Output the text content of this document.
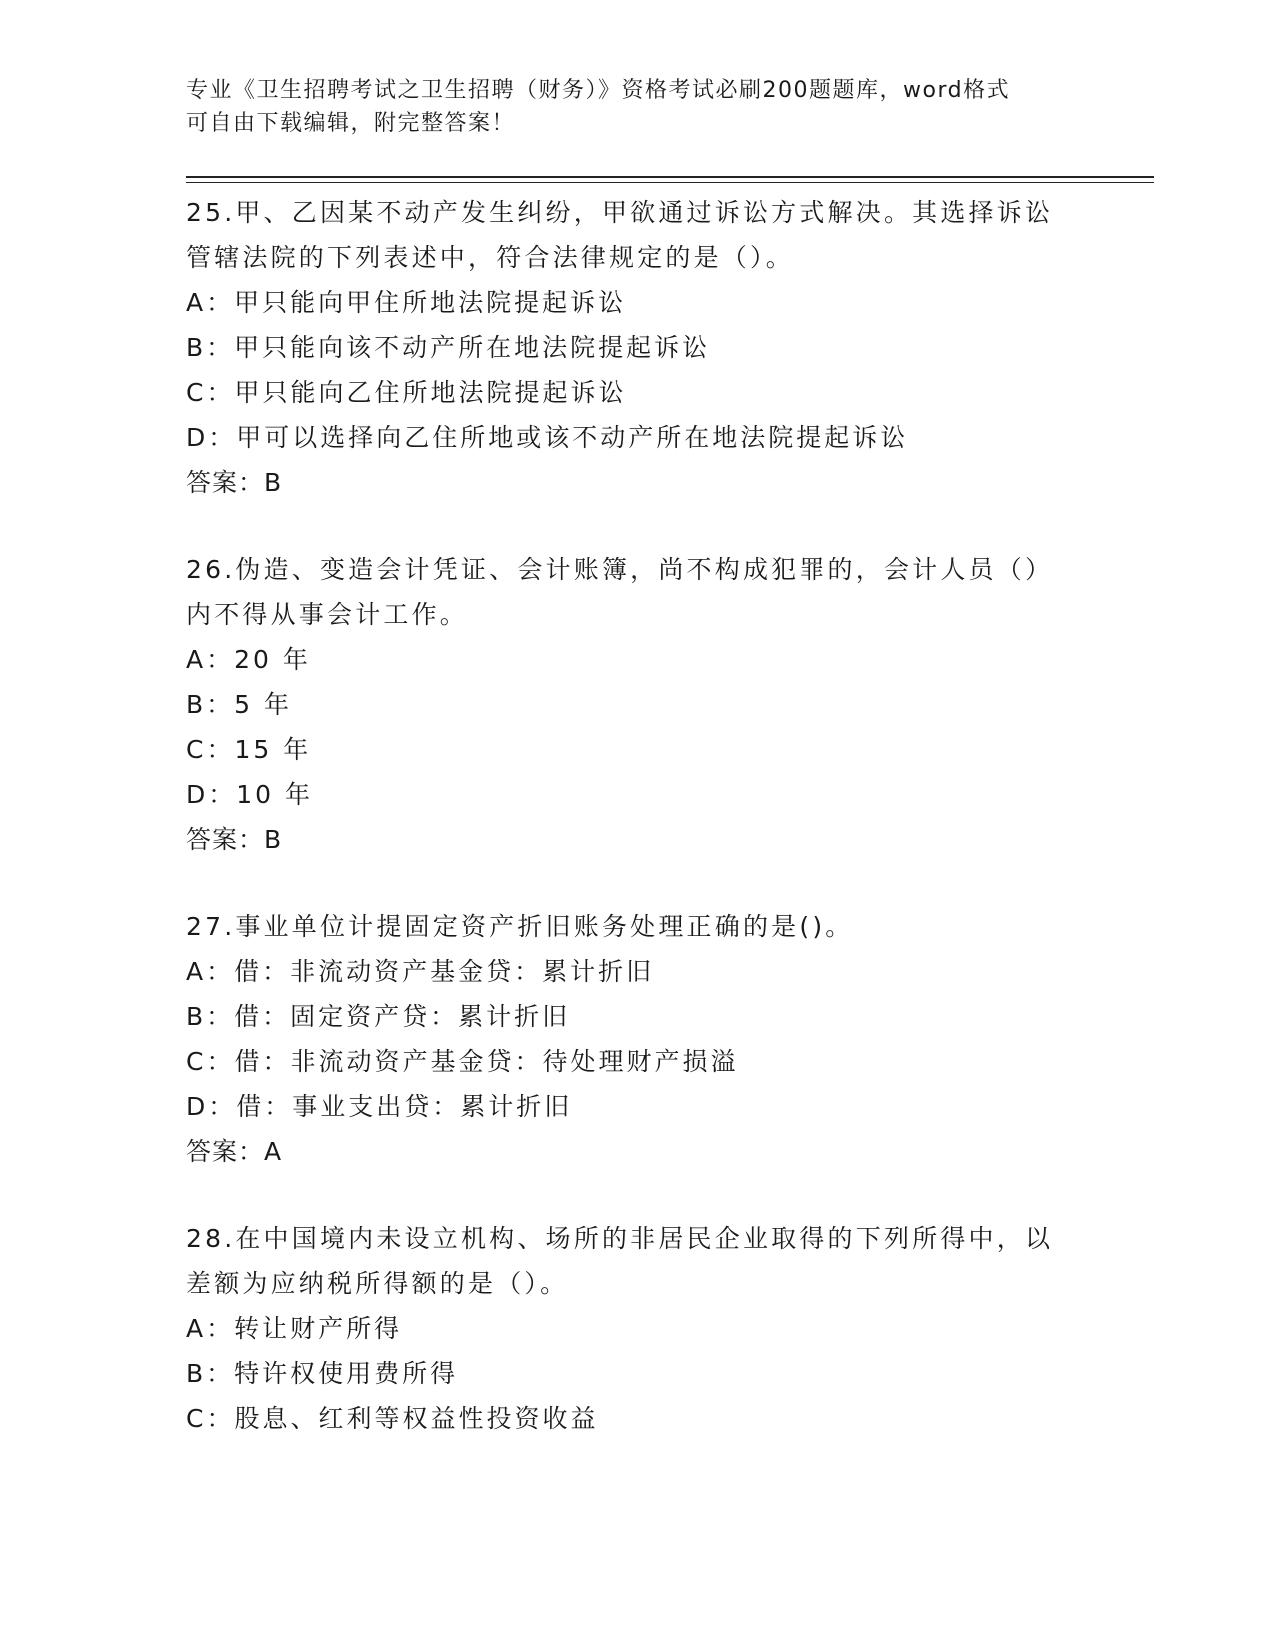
专业《卫生招聘考试之卫生招聘（财务）》资格考试必刷200题题库，word格式
可自由下载编辑，附完整答案！
25.甲、乙因某不动产发生纠纷，甲欲通过诉讼方式解决。其选择诉讼
管辖法院的下列表述中，符合法律规定的是（）。
A：甲只能向甲住所地法院提起诉讼
B：甲只能向该不动产所在地法院提起诉讼
C：甲只能向乙住所地法院提起诉讼
D：甲可以选择向乙住所地或该不动产所在地法院提起诉讼
答案：B
26.伪造、变造会计凭证、会计账簿，尚不构成犯罪的，会计人员（）
内不得从事会计工作。
A：20 年
B：5 年
C：15 年
D：10 年
答案：B
27.事业单位计提固定资产折旧账务处理正确的是()。
A：借：非流动资产基金贷：累计折旧
B：借：固定资产贷：累计折旧
C：借：非流动资产基金贷：待处理财产损溢
D：借：事业支出贷：累计折旧
答案：A
28.在中国境内未设立机构、场所的非居民企业取得的下列所得中，以
差额为应纳税所得额的是（）。
A：转让财产所得
B：特许权使用费所得
C：股息、红利等权益性投资收益
